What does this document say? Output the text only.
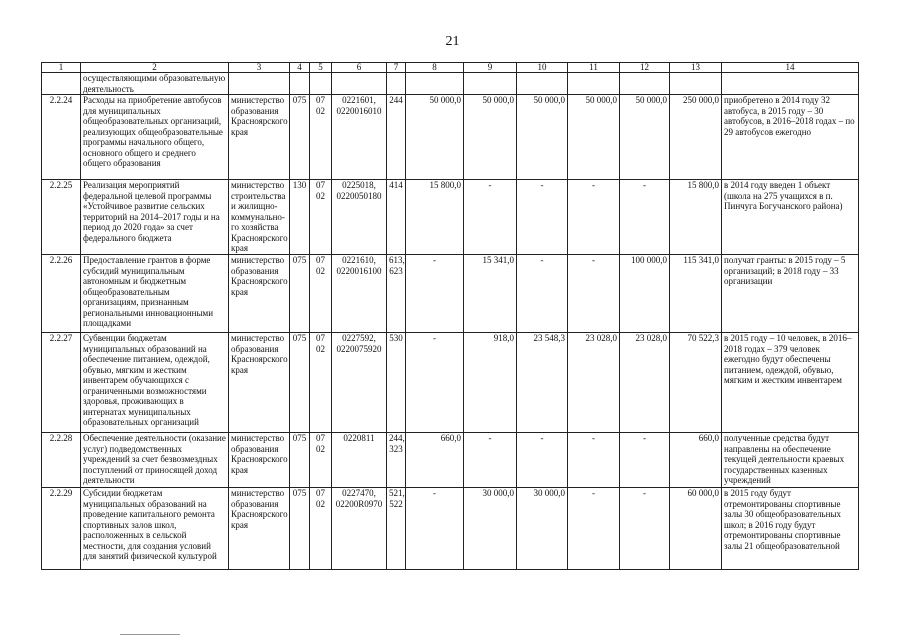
21
1	2	3	4	5	6	7	8	9	10	11	12	13	14
	осуществляющими образовательную деятельность												
2.2.24	Расходы на приобретение автобусов для муниципальных общеобразовательных организаций, реализующих общеобразовательные программы начального общего, основного общего и среднего общего образования	министерство образования Красноярского края	075	07 02	0221601, 0220016010	244	50 000,0	50 000,0	50 000,0	50 000,0	50 000,0	250 000,0	приобретено в 2014 году 32 автобуса, в 2015 году – 30 автобусов, в 2016–2018 годах – по 29 автобусов ежегодно
2.2.25	Реализация мероприятий федеральной целевой программы «Устойчивое развитие сельских территорий на 2014–2017 годы и на период до 2020 года» за счет федерального бюджета	министерство строительства и жилищно-коммунально-го хозяйства Красноярского края	130	07 02	0225018, 0220050180	414	15 800,0	-	-	-	-	15 800,0	в 2014 году введен 1 объект (школа на 275 учащихся в п. Пинчуга Богучанского района)
2.2.26	Предоставление грантов в форме субсидий муниципальным автономным и бюджетным общеобразовательным организациям, признанным региональными инновационными площадками	министерство образования Красноярского края	075	07 02	0221610, 0220016100	613, 623	-	15 341,0	-	-	100 000,0	115 341,0	получат гранты: в 2015 году – 5 организаций; в 2018 году – 33 организации
2.2.27	Субвенции бюджетам муниципальных образований на обеспечение питанием, одеждой, обувью, мягким и жестким инвентарем обучающихся с ограниченными возможностями здоровья, проживающих в интернатах муниципальных образовательных организаций	министерство образования Красноярского края	075	07 02	0227592, 0220075920	530	-	918,0	23 548,3	23 028,0	23 028,0	70 522,3	в 2015 году – 10 человек, в 2016–2018 годах – 379 человек ежегодно будут обеспечены питанием, одеждой, обувью, мягким и жестким инвентарем
2.2.28	Обеспечение деятельности (оказание услуг) подведомственных учреждений за счет безвозмездных поступлений от приносящей доход деятельности	министерство образования Красноярского края	075	07 02	0220811	244, 323	660,0	-	-	-	-	660,0	полученные средства будут направлены на обеспечение текущей деятельности краевых государственных казенных учреждений
2.2.29	Субсидии бюджетам муниципальных образований на проведение капитального ремонта спортивных залов школ, расположенных в сельской местности, для создания условий для занятий физической культурой	министерство образования Красноярского края	075	07 02	0227470, 02200R0970	521, 522	-	30 000,0	30 000,0	-	-	60 000,0	в 2015 году будут отремонтированы спортивные залы 30 общеобразовательных школ; в 2016 году будут отремонтированы спортивные залы 21 общеобразовательной
